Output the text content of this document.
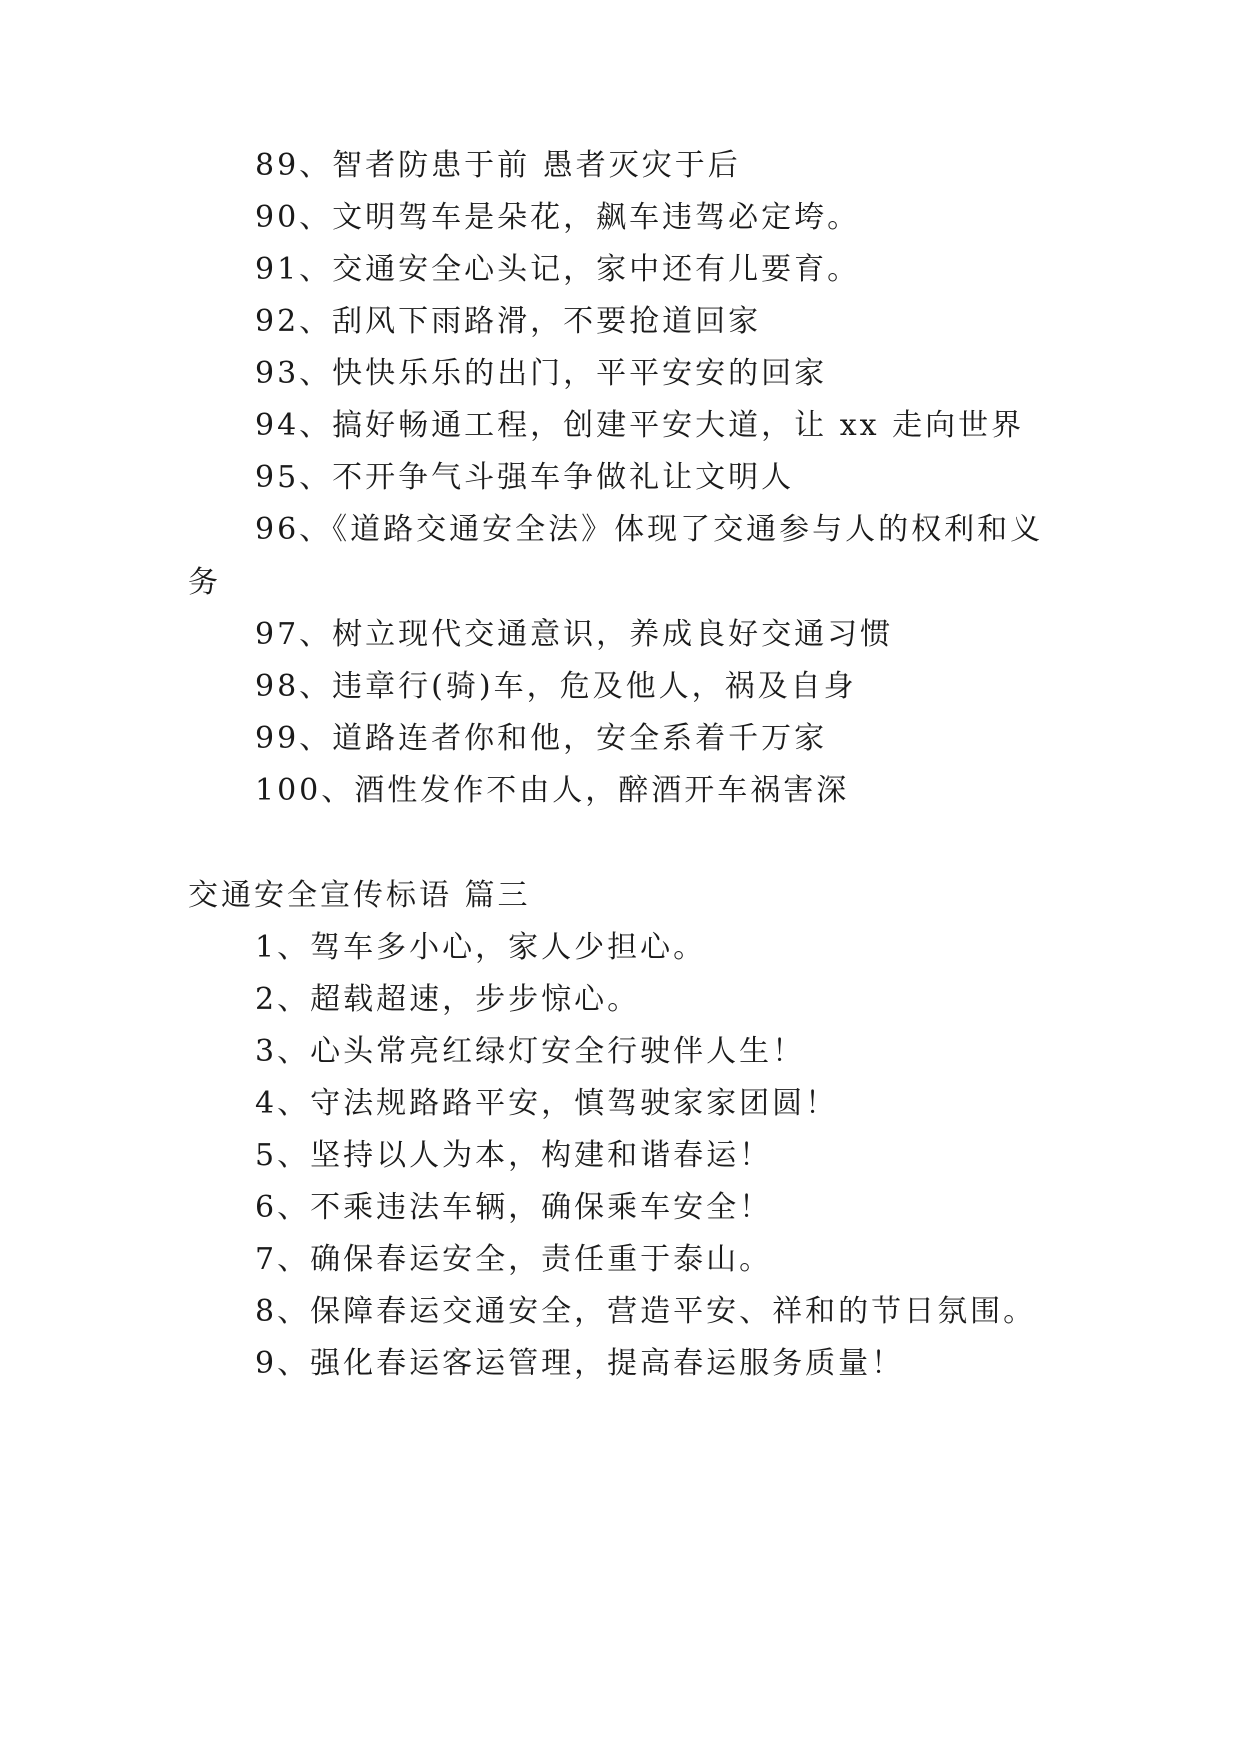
89、智者防患于前 愚者灭灾于后
90、文明驾车是朵花，飙车违驾必定垮。
91、交通安全心头记，家中还有儿要育。
92、刮风下雨路滑，不要抢道回家
93、快快乐乐的出门，平平安安的回家
94、搞好畅通工程，创建平安大道，让 xx 走向世界
95、不开争气斗强车争做礼让文明人
96、《道路交通安全法》体现了交通参与人的权利和义
务
97、树立现代交通意识，养成良好交通习惯
98、违章行(骑)车，危及他人，祸及自身
99、道路连者你和他，安全系着千万家
100、酒性发作不由人，醉酒开车祸害深
交通安全宣传标语 篇三
1、驾车多小心，家人少担心。
2、超载超速，步步惊心。
3、心头常亮红绿灯安全行驶伴人生！
4、守法规路路平安，慎驾驶家家团圆！
5、坚持以人为本，构建和谐春运！
6、不乘违法车辆，确保乘车安全！
7、确保春运安全，责任重于泰山。
8、保障春运交通安全，营造平安、祥和的节日氛围。
9、强化春运客运管理，提高春运服务质量！
